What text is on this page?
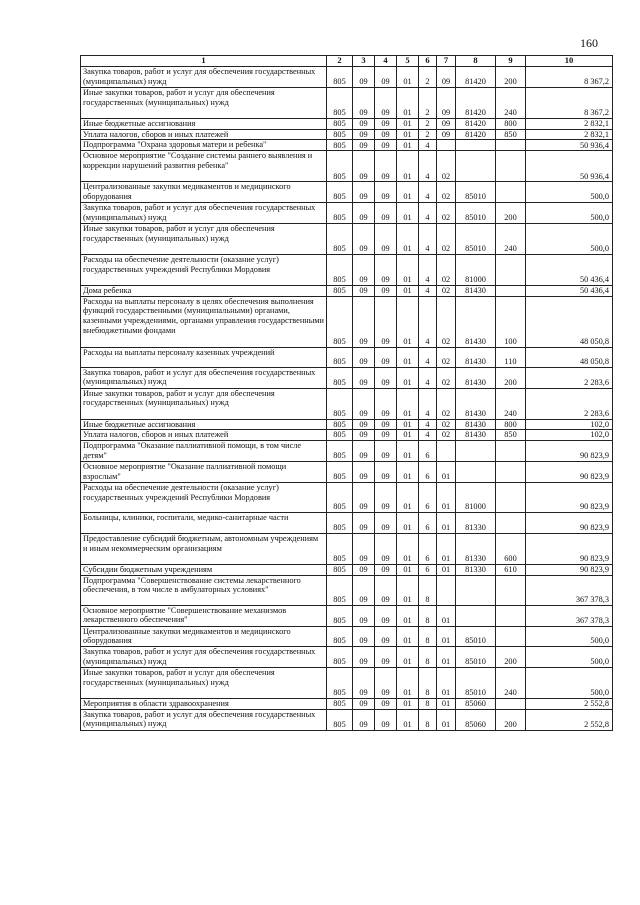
160
1	2	3	4	5	6	7	8	9	10
Закупка товаров, работ и услуг для обеспечения государственных (муниципальных) нужд	805	09	09	01	2	09	81420	200	8 367,2
Иные закупки товаров, работ и услуг для обеспечения государственных (муниципальных) нужд	805	09	09	01	2	09	81420	240	8 367,2
Иные бюджетные ассигнования	805	09	09	01	2	09	81420	800	2 832,1
Уплата налогов, сборов и иных платежей	805	09	09	01	2	09	81420	850	2 832,1
Подпрограмма "Охрана здоровья матери и ребенка"	805	09	09	01	4				50 936,4
Основное мероприятие "Создание системы раннего выявления и коррекции нарушений развития ребенка"	805	09	09	01	4	02			50 936,4
Централизованные закупки медикаментов и медицинского оборудования	805	09	09	01	4	02	85010		500,0
Закупка товаров, работ и услуг для обеспечения государственных (муниципальных) нужд	805	09	09	01	4	02	85010	200	500,0
Иные закупки товаров, работ и услуг для обеспечения государственных (муниципальных) нужд	805	09	09	01	4	02	85010	240	500,0
Расходы на обеспечение деятельности (оказание услуг) государственных учреждений Республики Мордовия	805	09	09	01	4	02	81000		50 436,4
Дома ребенка	805	09	09	01	4	02	81430		50 436,4
Расходы на выплаты персоналу в целях обеспечения выполнения функций государственными (муниципальными) органами, казенными учреждениями, органами управления государственными внебюджетными фондами	805	09	09	01	4	02	81430	100	48 050,8
Расходы на выплаты персоналу казенных учреждений	805	09	09	01	4	02	81430	110	48 050,8
Закупка товаров, работ и услуг для обеспечения государственных (муниципальных) нужд	805	09	09	01	4	02	81430	200	2 283,6
Иные закупки товаров, работ и услуг для обеспечения государственных (муниципальных) нужд	805	09	09	01	4	02	81430	240	2 283,6
Иные бюджетные ассигнования	805	09	09	01	4	02	81430	800	102,0
Уплата налогов, сборов и иных платежей	805	09	09	01	4	02	81430	850	102,0
Подпрограмма "Оказание паллиативной помощи, в том числе детям"	805	09	09	01	6				90 823,9
Основное мероприятие "Оказание паллиативной помощи взрослым"	805	09	09	01	6	01			90 823,9
Расходы на обеспечение деятельности (оказание услуг) государственных учреждений Республики Мордовия	805	09	09	01	6	01	81000		90 823,9
Больницы, клиники, госпитали, медико-санитарные части	805	09	09	01	6	01	81330		90 823,9
Предоставление субсидий бюджетным, автономным учреждениям и иным некоммерческим организациям	805	09	09	01	6	01	81330	600	90 823,9
Субсидии бюджетным учреждениям	805	09	09	01	6	01	81330	610	90 823,9
Подпрограмма "Совершенствование системы лекарственного обеспечения, в том числе в амбулаторных условиях"	805	09	09	01	8				367 378,3
Основное мероприятие "Совершенствование механизмов лекарственного обеспечения"	805	09	09	01	8	01			367 378,3
Централизованные закупки медикаментов и медицинского оборудования	805	09	09	01	8	01	85010		500,0
Закупка товаров, работ и услуг для обеспечения государственных (муниципальных) нужд	805	09	09	01	8	01	85010	200	500,0
Иные закупки товаров, работ и услуг для обеспечения государственных (муниципальных) нужд	805	09	09	01	8	01	85010	240	500,0
Мероприятия в области здравоохранения	805	09	09	01	8	01	85060		2 552,8
Закупка товаров, работ и услуг для обеспечения государственных (муниципальных) нужд	805	09	09	01	8	01	85060	200	2 552,8
